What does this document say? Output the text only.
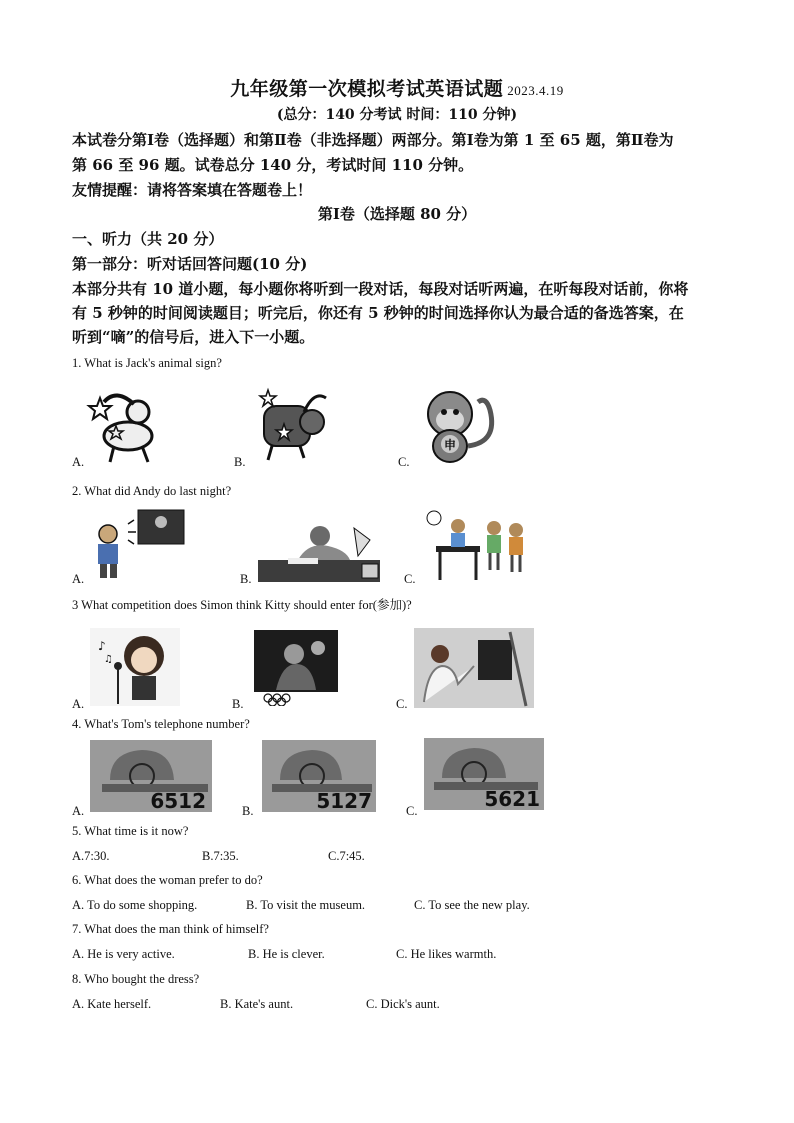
九年级第一次模拟考试英语试题 2023.4.19
(总分：140 分考试 时间：110 分钟)
本试卷分第Ⅰ卷（选择题）和第Ⅱ卷（非选择题）两部分。第Ⅰ卷为第 1 至 65 题，第Ⅱ卷为
第 66 至 96 题。试卷总分 140 分，考试时间 110 分钟。
友情提醒：请将答案填在答题卷上！
第Ⅰ卷（选择题 80 分）
一、听力（共 20 分）
第一部分：听对话回答问题(10 分)
本部分共有 10 道小题，每小题你将听到一段对话，每段对话听两遍，在听每段对话前，你将
有 5 秒钟的时间阅读题目；听完后，你还有 5 秒钟的时间选择你认为最合适的备选答案，在
听到“嘀”的信号后，进入下一小题。
1. What is Jack's animal sign?
A.	B.	C.
申
2. What did Andy do last night?
A.	B.	C.
3 What competition does Simon think Kitty should enter for(参加)?
A.	B.	C.
♪
♫
4. What's Tom's telephone number?
A.	B.	C.
6512	5127	5621
5. What time is it now?
A.7:30.	B.7:35.	C.7:45.
6. What does the woman prefer to do?
A. To do some shopping.	B. To visit the museum.	C. To see the new play.
7. What does the man think of himself?
A. He is very active.	B. He is clever.	C. He likes warmth.
8. Who bought the dress?
A. Kate herself.	B. Kate's aunt.	C. Dick's aunt.
